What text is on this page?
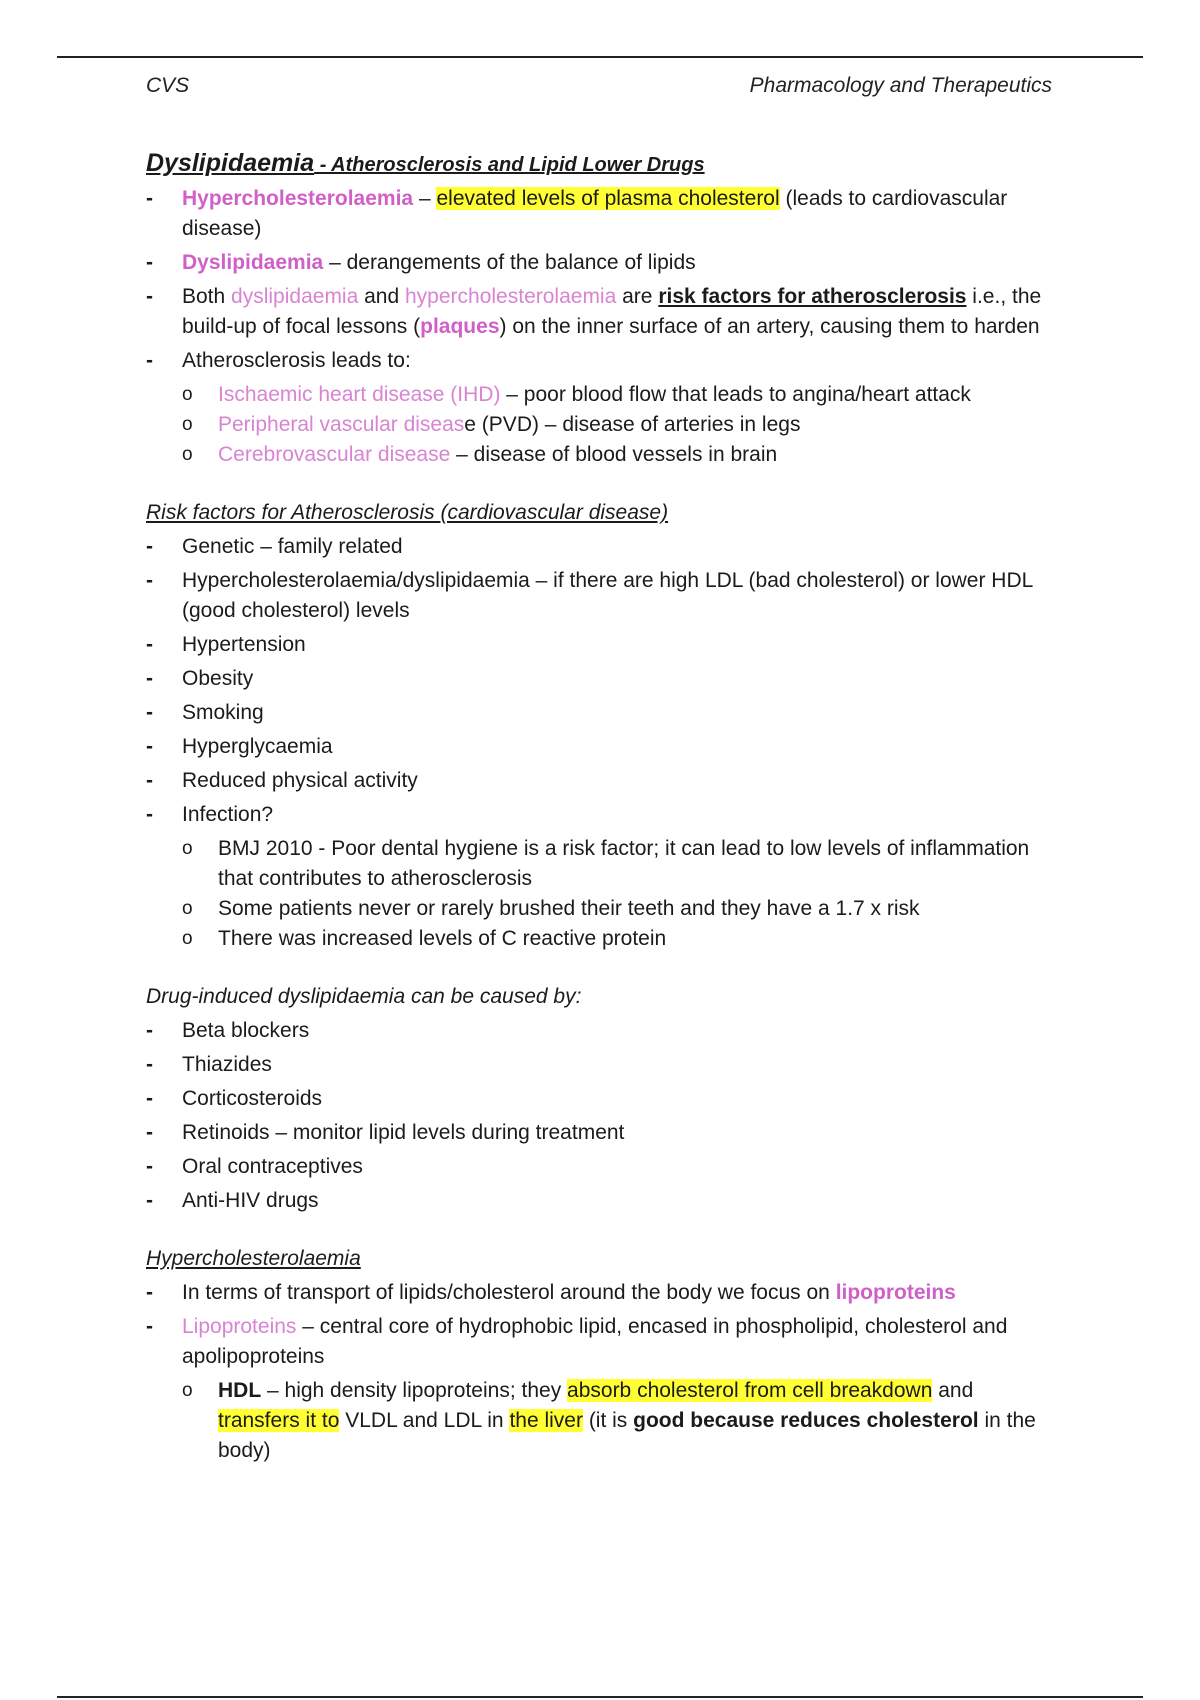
CVS	Pharmacology and Therapeutics
Dyslipidaemia - Atherosclerosis and Lipid Lower Drugs
- Hypercholesterolaemia – elevated levels of plasma cholesterol (leads to cardiovascular disease)
- Dyslipidaemia – derangements of the balance of lipids
- Both dyslipidaemia and hypercholesterolaemia are risk factors for atherosclerosis i.e., the build-up of focal lessons (plaques) on the inner surface of an artery, causing them to harden
- Atherosclerosis leads to:
o Ischaemic heart disease (IHD) – poor blood flow that leads to angina/heart attack
o Peripheral vascular disease (PVD) – disease of arteries in legs
o Cerebrovascular disease – disease of blood vessels in brain
Risk factors for Atherosclerosis (cardiovascular disease)
- Genetic – family related
- Hypercholesterolaemia/dyslipidaemia – if there are high LDL (bad cholesterol) or lower HDL (good cholesterol) levels
- Hypertension
- Obesity
- Smoking
- Hyperglycaemia
- Reduced physical activity
- Infection?
o BMJ 2010 - Poor dental hygiene is a risk factor; it can lead to low levels of inflammation that contributes to atherosclerosis
o Some patients never or rarely brushed their teeth and they have a 1.7 x risk
o There was increased levels of C reactive protein
Drug-induced dyslipidaemia can be caused by:
- Beta blockers
- Thiazides
- Corticosteroids
- Retinoids – monitor lipid levels during treatment
- Oral contraceptives
- Anti-HIV drugs
Hypercholesterolaemia
- In terms of transport of lipids/cholesterol around the body we focus on lipoproteins
- Lipoproteins – central core of hydrophobic lipid, encased in phospholipid, cholesterol and apolipoproteins
o HDL – high density lipoproteins; they absorb cholesterol from cell breakdown and transfers it to VLDL and LDL in the liver (it is good because reduces cholesterol in the body)
